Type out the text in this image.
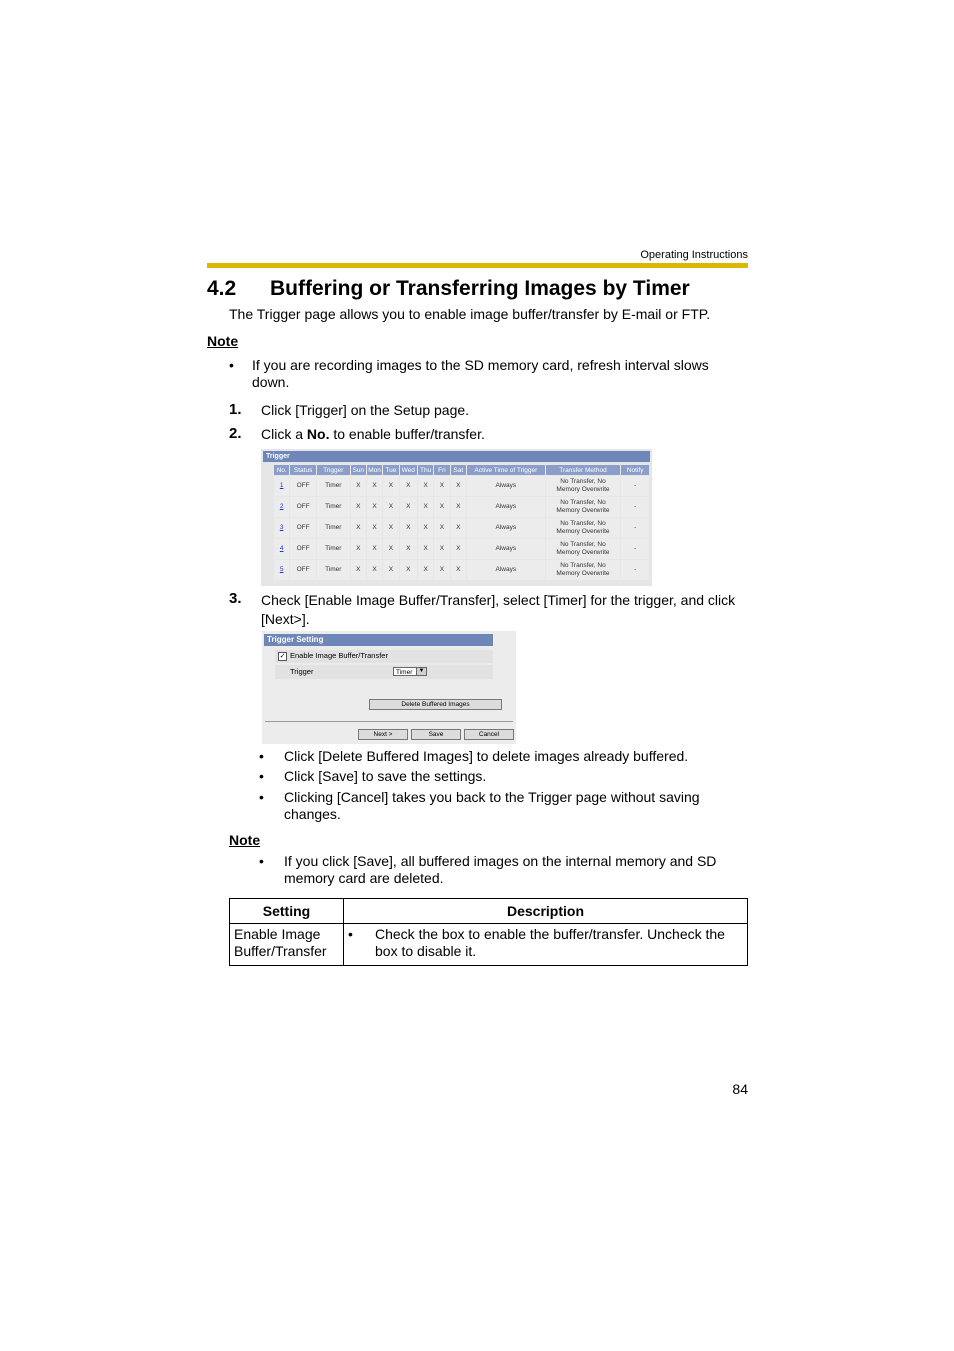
Operating Instructions
4.2 Buffering or Transferring Images by Timer
The Trigger page allows you to enable image buffer/transfer by E-mail or FTP.
Note
• If you are recording images to the SD memory card, refresh interval slows down.
1. Click [Trigger] on the Setup page.
2. Click a No. to enable buffer/transfer.
Trigger
No.	Status	Trigger	Sun	Mon	Tue	Wed	Thu	Fri	Sat	Active Time of Trigger	Transfer Method	Notify
1	OFF	Timer	X	X	X	X	X	X	X	Always	No Transfer, No
Memory Overwrite	-
2	OFF	Timer	X	X	X	X	X	X	X	Always	No Transfer, No
Memory Overwrite	-
3	OFF	Timer	X	X	X	X	X	X	X	Always	No Transfer, No
Memory Overwrite	-
4	OFF	Timer	X	X	X	X	X	X	X	Always	No Transfer, No
Memory Overwrite	-
5	OFF	Timer	X	X	X	X	X	X	X	Always	No Transfer, No
Memory Overwrite	-
3. Check [Enable Image Buffer/Transfer], select [Timer] for the trigger, and click [Next>].
Trigger Setting
✓ Enable Image Buffer/Transfer
Trigger	Timer	▼
Delete Buffered Images
Next >	Save	Cancel
• Click [Delete Buffered Images] to delete images already buffered.
• Click [Save] to save the settings.
• Clicking [Cancel] takes you back to the Trigger page without saving changes.
Note
• If you click [Save], all buffered images on the internal memory and SD memory card are deleted.
Setting	Description
Enable Image Buffer/Transfer	• Check the box to enable the buffer/transfer. Uncheck the box to disable it.
84
